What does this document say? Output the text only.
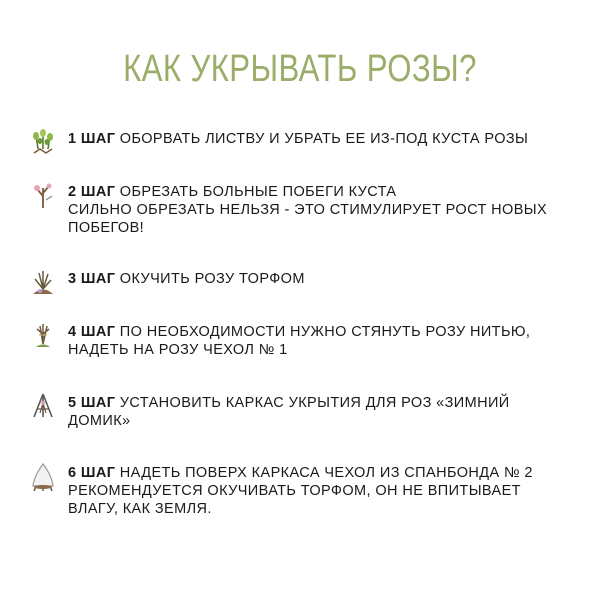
КАК УКРЫВАТЬ РОЗЫ?
1 ШАГ ОБОРВАТЬ ЛИСТВУ И УБРАТЬ ЕЕ ИЗ-ПОД КУСТА РОЗЫ
2 ШАГ ОБРЕЗАТЬ БОЛЬНЫЕ ПОБЕГИ КУСТА
СИЛЬНО ОБРЕЗАТЬ НЕЛЬЗЯ - ЭТО СТИМУЛИРУЕТ РОСТ НОВЫХ
ПОБЕГОВ!
3 ШАГ ОКУЧИТЬ РОЗУ ТОРФОМ
4 ШАГ ПО НЕОБХОДИМОСТИ НУЖНО СТЯНУТЬ РОЗУ НИТЬЮ,
НАДЕТЬ НА РОЗУ ЧЕХОЛ № 1
5 ШАГ УСТАНОВИТЬ КАРКАС УКРЫТИЯ ДЛЯ РОЗ «ЗИМНИЙ
ДОМИК»
6 ШАГ НАДЕТЬ ПОВЕРХ КАРКАСА ЧЕХОЛ ИЗ СПАНБОНДА № 2
РЕКОМЕНДУЕТСЯ ОКУЧИВАТЬ ТОРФОМ, ОН НЕ ВПИТЫВАЕТ
ВЛАГУ, КАК ЗЕМЛЯ.
